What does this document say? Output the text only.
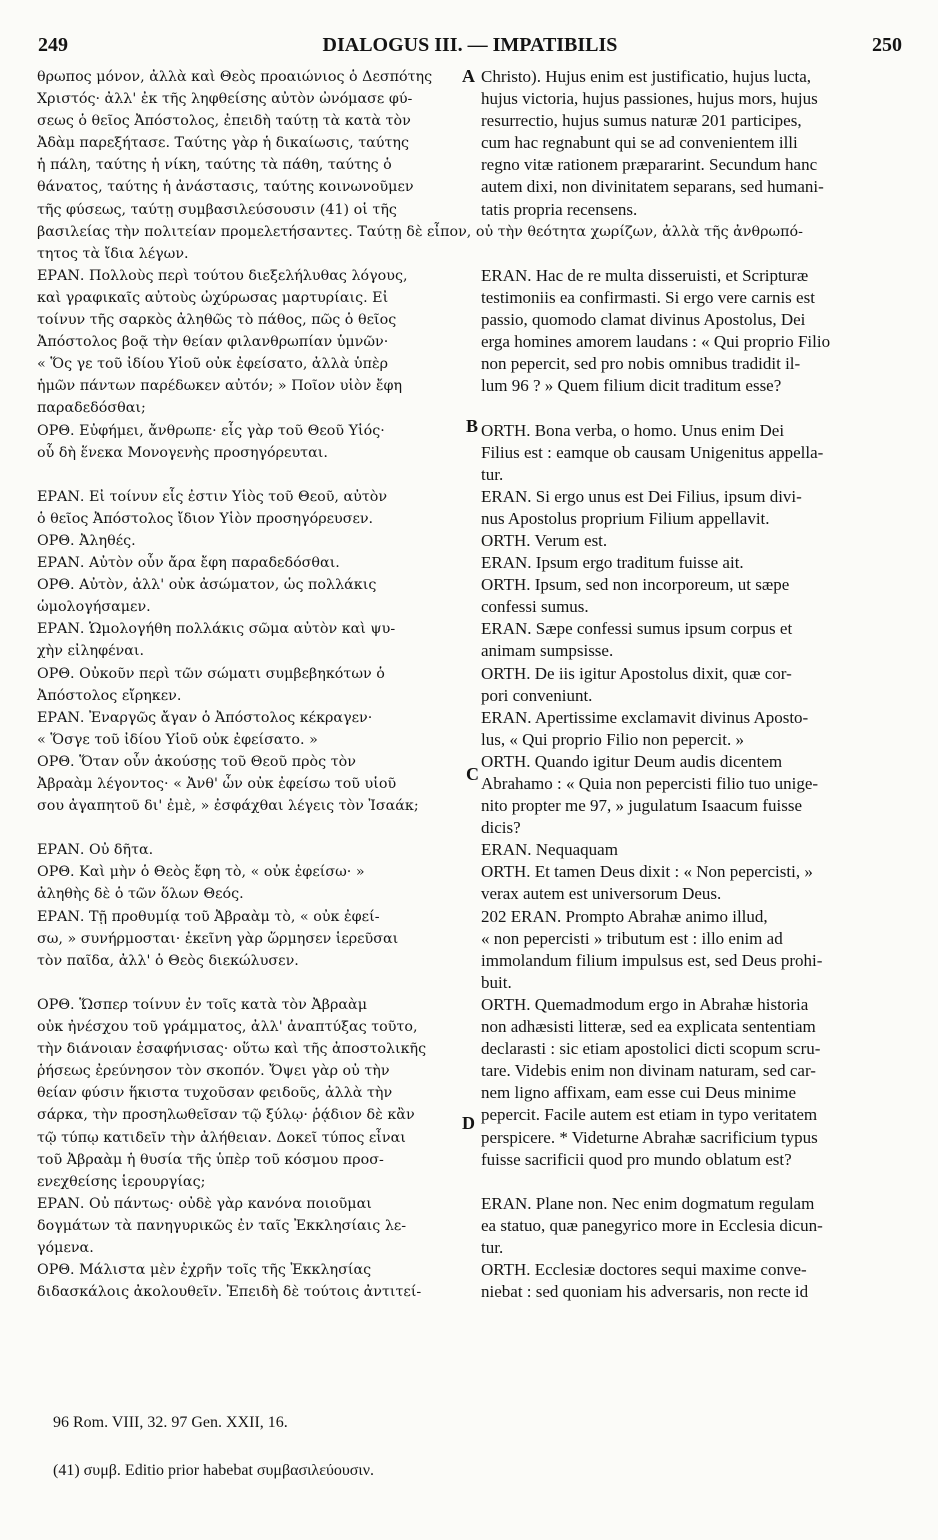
249	DIALOGUS III. — IMPATIBILIS	250
θρωπος μόνον, ἀλλὰ καὶ Θεὸς προαιώνιος ὁ Δεσπότης
Χριστός· ἀλλ' ἐκ τῆς ληφθείσης αὐτὸν ὠνόμασε φύ-
σεως ὁ θεῖος Ἀπόστολος, ἐπειδὴ ταύτῃ τὰ κατὰ τὸν
Ἀδὰμ παρεξήτασε. Ταύτης γὰρ ἡ δικαίωσις, ταύτης
ἡ πάλη, ταύτης ἡ νίκη, ταύτης τὰ πάθη, ταύτης ὁ
θάνατος, ταύτης ἡ ἀνάστασις, ταύτης κοινωνοῦμεν
τῆς φύσεως, ταύτῃ συμβασιλεύσουσιν (41) οἱ τῆς
βασιλείας τὴν πολιτείαν προμελετήσαντες. Ταύτῃ δὲ εἶπον, οὐ τὴν θεότητα χωρίζων, ἀλλὰ τῆς ἀνθρωπό-
τητος τὰ ἴδια λέγων.
ΕΡΑΝ. Πολλοὺς περὶ τούτου διεξελήλυθας λόγους,
καὶ γραφικαῖς αὐτοὺς ὠχύρωσας μαρτυρίαις. Εἰ
τοίνυν τῆς σαρκὸς ἀληθῶς τὸ πάθος, πῶς ὁ θεῖος
Ἀπόστολος βοᾷ τὴν θείαν φιλανθρωπίαν ὑμνῶν·
« Ὅς γε τοῦ ἰδίου Υἱοῦ οὐκ ἐφείσατο, ἀλλὰ ὑπὲρ
ἡμῶν πάντων παρέδωκεν αὐτόν; » Ποῖον υἱὸν ἔφη
παραδεδόσθαι;
ΟΡΘ. Εὐφήμει, ἄνθρωπε· εἷς γὰρ τοῦ Θεοῦ Υἱός·
οὗ δὴ ἕνεκα Μονογενὴς προσηγόρευται.
ΕΡΑΝ. Εἰ τοίνυν εἷς ἐστιν Υἱὸς τοῦ Θεοῦ, αὐτὸν
ὁ θεῖος Ἀπόστολος ἴδιον Υἱὸν προσηγόρευσεν.
ΟΡΘ. Ἀληθές.
ΕΡΑΝ. Αὐτὸν οὖν ἄρα ἔφη παραδεδόσθαι.
ΟΡΘ. Αὐτὸν, ἀλλ' οὐκ ἀσώματον, ὡς πολλάκις
ὡμολογήσαμεν.
ΕΡΑΝ. Ὡμολογήθη πολλάκις σῶμα αὐτὸν καὶ ψυ-
χὴν εἰληφέναι.
ΟΡΘ. Οὐκοῦν περὶ τῶν σώματι συμβεβηκότων ὁ
Ἀπόστολος εἴρηκεν.
ΕΡΑΝ. Ἐναργῶς ἄγαν ὁ Ἀπόστολος κέκραγεν·
« Ὅσγε τοῦ ἰδίου Υἱοῦ οὐκ ἐφείσατο. »
ΟΡΘ. Ὅταν οὖν ἀκούσῃς τοῦ Θεοῦ πρὸς τὸν
Ἀβραὰμ λέγοντος· « Ἀνθ' ὧν οὐκ ἐφείσω τοῦ υἱοῦ
σου ἀγαπητοῦ δι' ἐμὲ, » ἐσφάχθαι λέγεις τὸν Ἰσαάκ;
ΕΡΑΝ. Οὐ δῆτα.
ΟΡΘ. Καὶ μὴν ὁ Θεὸς ἔφη τὸ, « οὐκ ἐφείσω· »
ἀληθὴς δὲ ὁ τῶν ὅλων Θεός.
ΕΡΑΝ. Τῇ προθυμίᾳ τοῦ Ἀβραὰμ τὸ, « οὐκ ἐφεί-
σω, » συνήρμοσται· ἐκεῖνη γὰρ ὥρμησεν ἱερεῦσαι
τὸν παῖδα, ἀλλ' ὁ Θεὸς διεκώλυσεν.
ΟΡΘ. Ὥσπερ τοίνυν ἐν τοῖς κατὰ τὸν Ἀβραὰμ
οὐκ ἠνέσχου τοῦ γράμματος, ἀλλ' ἀναπτύξας τοῦτο,
τὴν διάνοιαν ἐσαφήνισας· οὕτω καὶ τῆς ἀποστολικῆς
ῥήσεως ἐρεύνησον τὸν σκοπόν. Ὄψει γὰρ οὐ τὴν
θείαν φύσιν ἥκιστα τυχοῦσαν φειδοῦς, ἀλλὰ τὴν
σάρκα, τὴν προσηλωθεῖσαν τῷ ξύλῳ· ῥᾴδιον δὲ κἂν
τῷ τύπῳ κατιδεῖν τὴν ἀλήθειαν. Δοκεῖ τύπος εἶναι
τοῦ Ἀβραὰμ ἡ θυσία τῆς ὑπὲρ τοῦ κόσμου προσ-
ενεχθείσης ἱερουργίας;
ΕΡΑΝ. Οὐ πάντως· οὐδὲ γὰρ κανόνα ποιοῦμαι
δογμάτων τὰ πανηγυρικῶς ἐν ταῖς Ἐκκλησίαις λε-
γόμενα.
ΟΡΘ. Μάλιστα μὲν ἐχρῆν τοῖς τῆς Ἐκκλησίας
διδασκάλοις ἀκολουθεῖν. Ἐπειδὴ δὲ τούτοις ἀντιτεί-
Christo). Hujus enim est justificatio, hujus lucta,
hujus victoria, hujus passiones, hujus mors, hujus
resurrectio, hujus sumus naturæ 201 participes,
cum hac regnabunt qui se ad convenientem illi
regno vitæ rationem præpararint. Secundum hanc
autem dixi, non divinitatem separans, sed humani-
tatis propria recensens.
ERAN. Hac de re multa disseruisti, et Scripturæ
testimoniis ea confirmasti. Si ergo vere carnis est
passio, quomodo clamat divinus Apostolus, Dei
erga homines amorem laudans : « Qui proprio Filio
non pepercit, sed pro nobis omnibus tradidit il-
lum 96 ? » Quem filium dicit traditum esse?
ORTH. Bona verba, o homo. Unus enim Dei
Filius est : eamque ob causam Unigenitus appella-
tur.
ERAN. Si ergo unus est Dei Filius, ipsum divi-
nus Apostolus proprium Filium appellavit.
ORTH. Verum est.
ERAN. Ipsum ergo traditum fuisse ait.
ORTH. Ipsum, sed non incorporeum, ut sæpe
confessi sumus.
ERAN. Sæpe confessi sumus ipsum corpus et
animam sumpsisse.
ORTH. De iis igitur Apostolus dixit, quæ cor-
pori conveniunt.
ERAN. Apertissime exclamavit divinus Aposto-
lus, « Qui proprio Filio non pepercit. »
ORTH. Quando igitur Deum audis dicentem
Abrahamo : « Quia non pepercisti filio tuo unige-
nito propter me 97, » jugulatum Isaacum fuisse
dicis?
ERAN. Nequaquam
ORTH. Et tamen Deus dixit : « Non pepercisti, »
verax autem est universorum Deus.
202 ERAN. Prompto Abrahæ animo illud,
« non pepercisti » tributum est : illo enim ad
immolandum filium impulsus est, sed Deus prohi-
buit.
ORTH. Quemadmodum ergo in Abrahæ historia
non adhæsisti litteræ, sed ea explicata sententiam
declarasti : sic etiam apostolici dicti scopum scru-
tare. Videbis enim non divinam naturam, sed car-
nem ligno affixam, eam esse cui Deus minime
pepercit. Facile autem est etiam in typo veritatem
perspicere. * Videturne Abrahæ sacrificium typus
fuisse sacrificii quod pro mundo oblatum est?
ERAN. Plane non. Nec enim dogmatum regulam
ea statuo, quæ panegyrico more in Ecclesia dicun-
tur.
ORTH. Ecclesiæ doctores sequi maxime conve-
niebat : sed quoniam his adversaris, non recte id
A
B
C
D
96 Rom. VIII, 32. 97 Gen. XXII, 16.
(41) συμβ. Editio prior habebat συμβασιλεύουσιν.
